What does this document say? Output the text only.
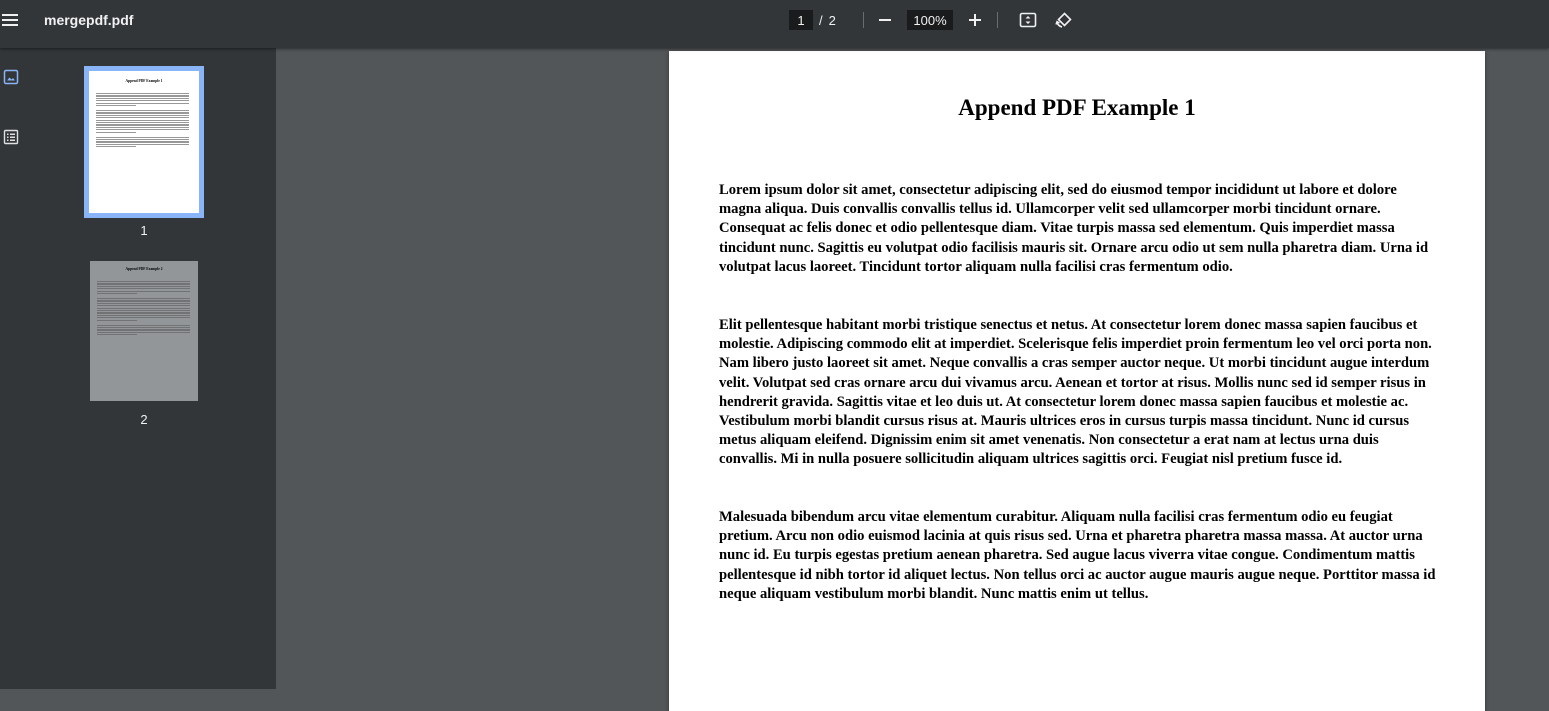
mergepdf.pdf
1	/ 2
100%
Append PDF Example 1
1
Append PDF Example 2
2
Append PDF Example 1

Lorem ipsum dolor sit amet, consectetur adipiscing elit, sed do eiusmod tempor incididunt ut labore et dolore magna aliqua. Duis convallis convallis tellus id. Ullamcorper velit sed ullamcorper morbi tincidunt ornare. Consequat ac felis donec et odio pellentesque diam. Vitae turpis massa sed elementum. Quis imperdiet massa tincidunt nunc. Sagittis eu volutpat odio facilisis mauris sit. Ornare arcu odio ut sem nulla pharetra diam. Urna id volutpat lacus laoreet. Tincidunt tortor aliquam nulla facilisi cras fermentum odio.

Elit pellentesque habitant morbi tristique senectus et netus. At consectetur lorem donec massa sapien faucibus et molestie. Adipiscing commodo elit at imperdiet. Scelerisque felis imperdiet proin fermentum leo vel orci porta non. Nam libero justo laoreet sit amet. Neque convallis a cras semper auctor neque. Ut morbi tincidunt augue interdum velit. Volutpat sed cras ornare arcu dui vivamus arcu. Aenean et tortor at risus. Mollis nunc sed id semper risus in hendrerit gravida. Sagittis vitae et leo duis ut. At consectetur lorem donec massa sapien faucibus et molestie ac. Vestibulum morbi blandit cursus risus at. Mauris ultrices eros in cursus turpis massa tincidunt. Nunc id cursus metus aliquam eleifend. Dignissim enim sit amet venenatis. Non consectetur a erat nam at lectus urna duis convallis. Mi in nulla posuere sollicitudin aliquam ultrices sagittis orci. Feugiat nisl pretium fusce id.

Malesuada bibendum arcu vitae elementum curabitur. Aliquam nulla facilisi cras fermentum odio eu feugiat pretium. Arcu non odio euismod lacinia at quis risus sed. Urna et pharetra pharetra massa massa. At auctor urna nunc id. Eu turpis egestas pretium aenean pharetra. Sed augue lacus viverra vitae congue. Condimentum mattis pellentesque id nibh tortor id aliquet lectus. Non tellus orci ac auctor augue mauris augue neque. Porttitor massa id neque aliquam vestibulum morbi blandit. Nunc mattis enim ut tellus.
